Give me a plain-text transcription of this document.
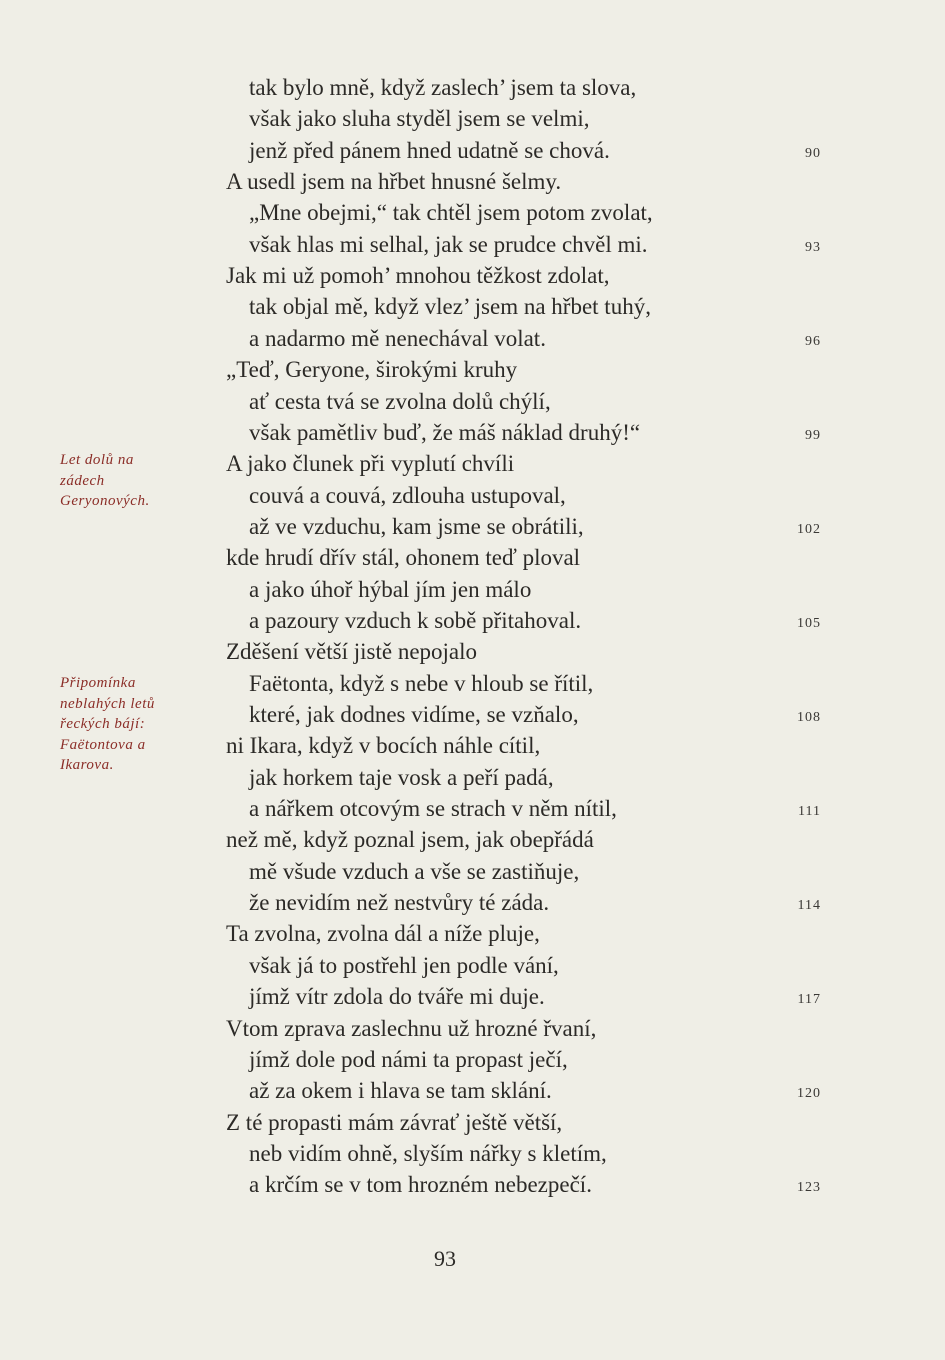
tak bylo mně, když zaslech’ jsem ta slova,
však jako sluha styděl jsem se velmi,
jenž před pánem hned udatně se chová.	90
A usedl jsem na hřbet hnusné šelmy.
„Mne obejmi,“ tak chtěl jsem potom zvolat,
však hlas mi selhal, jak se prudce chvěl mi.	93
Jak mi už pomoh’ mnohou těžkost zdolat,
tak objal mě, když vlez’ jsem na hřbet tuhý,
a nadarmo mě nenechával volat.	96
„Teď, Geryone, širokými kruhy
ať cesta tvá se zvolna dolů chýlí,
však pamětliv buď, že máš náklad druhý!“	99
A jako člunek při vyplutí chvíli
couvá a couvá, zdlouha ustupoval,
až ve vzduchu, kam jsme se obrátili,	102
kde hrudí dřív stál, ohonem teď ploval
a jako úhoř hýbal jím jen málo
a pazoury vzduch k sobě přitahoval.	105
Zděšení větší jistě nepojalo
Faëtonta, když s nebe v hloub se řítil,
které, jak dodnes vidíme, se vzňalo,	108
ni Ikara, když v bocích náhle cítil,
jak horkem taje vosk a peří padá,
a nářkem otcovým se strach v něm nítil,	111
než mě, když poznal jsem, jak obepřádá
mě všude vzduch a vše se zastiňuje,
že nevidím než nestvůry té záda.	114
Ta zvolna, zvolna dál a níže pluje,
však já to postřehl jen podle vání,
jímž vítr zdola do tváře mi duje.	117
Vtom zprava zaslechnu už hrozné řvaní,
jímž dole pod námi ta propast ječí,
až za okem i hlava se tam sklání.	120
Z té propasti mám závrať ještě větší,
neb vidím ohně, slyším nářky s kletím,
a krčím se v tom hrozném nebezpečí.	123
Let dolů na
zádech
Geryonových.
Připomínka
neblahých letů
řeckých bájí:
Faëtontova a
Ikarova.
93
